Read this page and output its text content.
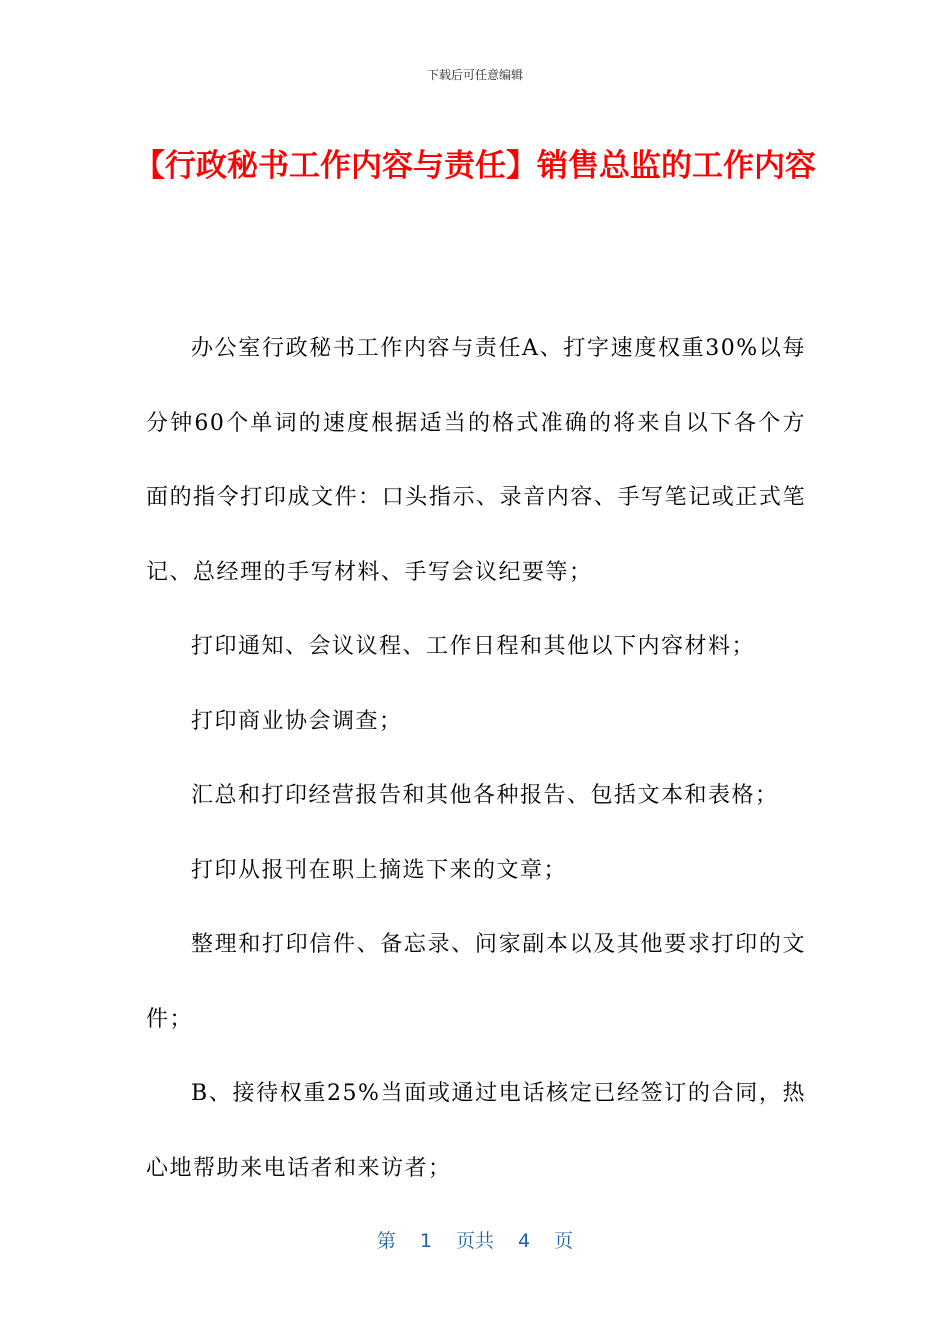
下载后可任意编辑
【行政秘书工作内容与责任】销售总监的工作内容

办公室行政秘书工作内容与责任A、打字速度权重30%以每分钟60个单词的速度根据适当的格式准确的将来自以下各个方面的指令打印成文件：口头指示、录音内容、手写笔记或正式笔记、总经理的手写材料、手写会议纪要等；

打印通知、会议议程、工作日程和其他以下内容材料；

打印商业协会调查；

汇总和打印经营报告和其他各种报告、包括文本和表格；

打印从报刊在职上摘选下来的文章；

整理和打印信件、备忘录、问家副本以及其他要求打印的文件；

B、接待权重25%当面或通过电话核定已经签订的合同，热心地帮助来电话者和来访者；

第 1 页共 4 页
